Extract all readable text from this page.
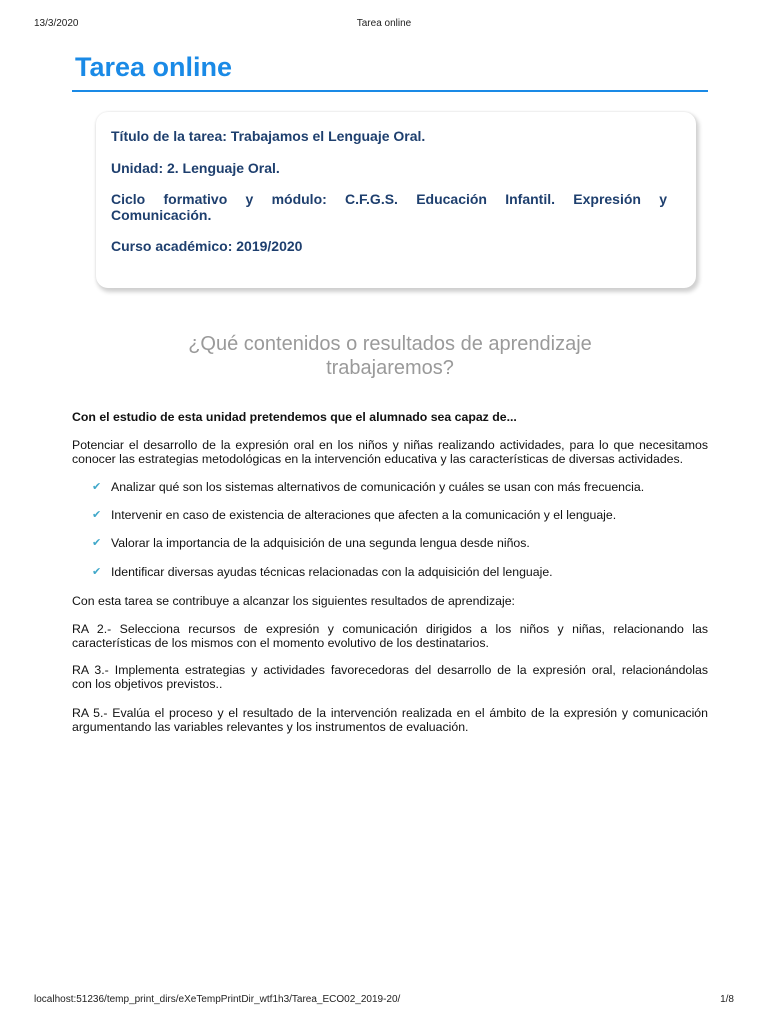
13/3/2020	Tarea online
Tarea online
Título de la tarea: Trabajamos el Lenguaje Oral.
Unidad: 2. Lenguaje Oral.
Ciclo formativo y módulo: C.F.G.S. Educación Infantil. Expresión y
Comunicación.
Curso académico: 2019/2020
¿Qué contenidos o resultados de aprendizaje
trabajaremos?
Con el estudio de esta unidad pretendemos que el alumnado sea capaz de...
Potenciar el desarrollo de la expresión oral en los niños y niñas realizando actividades, para lo que necesitamos
conocer las estrategias metodológicas en la intervención educativa y las características de diversas actividades.
✔ Analizar qué son los sistemas alternativos de comunicación y cuáles se usan con más frecuencia.
✔ Intervenir en caso de existencia de alteraciones que afecten a la comunicación y el lenguaje.
✔ Valorar la importancia de la adquisición de una segunda lengua desde niños.
✔ Identificar diversas ayudas técnicas relacionadas con la adquisición del lenguaje.
Con esta tarea se contribuye a alcanzar los siguientes resultados de aprendizaje:
RA 2.- Selecciona recursos de expresión y comunicación dirigidos a los niños y niñas, relacionando las
características de los mismos con el momento evolutivo de los destinatarios.
RA 3.- Implementa estrategias y actividades favorecedoras del desarrollo de la expresión oral, relacionándolas
con los objetivos previstos..
RA 5.- Evalúa el proceso y el resultado de la intervención realizada en el ámbito de la expresión y comunicación
argumentando las variables relevantes y los instrumentos de evaluación.
localhost:51236/temp_print_dirs/eXeTempPrintDir_wtf1h3/Tarea_ECO02_2019-20/	1/8
